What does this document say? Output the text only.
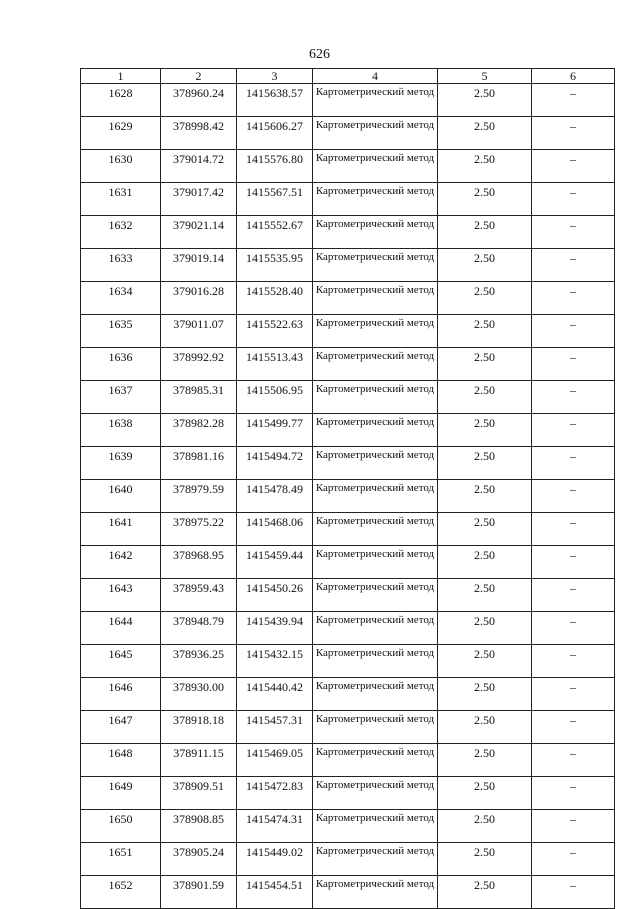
626
1	2	3	4	5	6
1628	378960.24	1415638.57	Картометрический метод	2.50	–
1629	378998.42	1415606.27	Картометрический метод	2.50	–
1630	379014.72	1415576.80	Картометрический метод	2.50	–
1631	379017.42	1415567.51	Картометрический метод	2.50	–
1632	379021.14	1415552.67	Картометрический метод	2.50	–
1633	379019.14	1415535.95	Картометрический метод	2.50	–
1634	379016.28	1415528.40	Картометрический метод	2.50	–
1635	379011.07	1415522.63	Картометрический метод	2.50	–
1636	378992.92	1415513.43	Картометрический метод	2.50	–
1637	378985.31	1415506.95	Картометрический метод	2.50	–
1638	378982.28	1415499.77	Картометрический метод	2.50	–
1639	378981.16	1415494.72	Картометрический метод	2.50	–
1640	378979.59	1415478.49	Картометрический метод	2.50	–
1641	378975.22	1415468.06	Картометрический метод	2.50	–
1642	378968.95	1415459.44	Картометрический метод	2.50	–
1643	378959.43	1415450.26	Картометрический метод	2.50	–
1644	378948.79	1415439.94	Картометрический метод	2.50	–
1645	378936.25	1415432.15	Картометрический метод	2.50	–
1646	378930.00	1415440.42	Картометрический метод	2.50	–
1647	378918.18	1415457.31	Картометрический метод	2.50	–
1648	378911.15	1415469.05	Картометрический метод	2.50	–
1649	378909.51	1415472.83	Картометрический метод	2.50	–
1650	378908.85	1415474.31	Картометрический метод	2.50	–
1651	378905.24	1415449.02	Картометрический метод	2.50	–
1652	378901.59	1415454.51	Картометрический метод	2.50	–
